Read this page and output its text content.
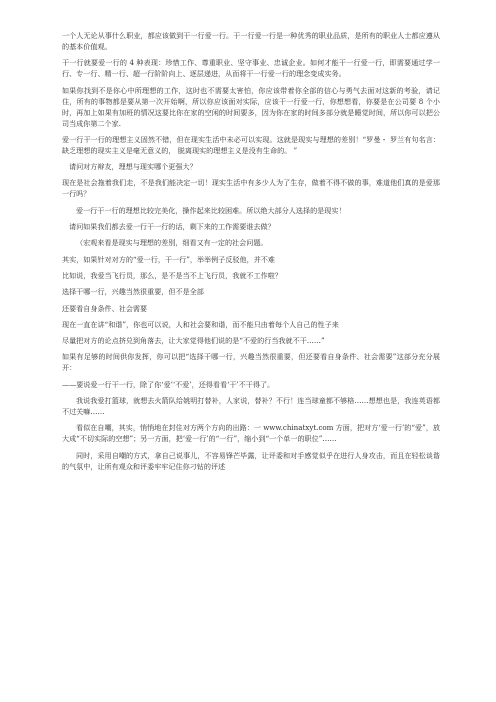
一个人无论从事什么职业，都应该做到干一行爱一行。干一行爱一行是一种优秀的职业品质，是所有的职业人士都应遵从的基本价值观。

干一行就要爱一行的 4 种表现：珍惜工作、尊重职业、坚守事业、忠诚企业。如何才能干一行爱一行，即需要通过学一行、专一行、精一行、超一行阶阶向上、逐层递进，从而将干一行爱一行的理念变成实务。

如果你找到不是你心中所理想的工作，这时也不需要太害怕，你应该带着你全部的信心与勇气去面对这新的考验，请记住，所有的事物都是要从第一次开始啊，所以你应该面对实际，应该干一行爱一行，你想想看，你要是在公司要 8 个小时，再加上如果有加班的情况这要比你在家的空闲的时间要多，因为你在家的时间多部分就是睡觉时间，所以你可以把公司当成你第二个家.

爱一行干一行的理想主义固然不错，但在现实生活中未必可以实现。这就是现实与理想的差别！“罗曼・ 罗兰有句名言：缺乏理想的现实主义是毫无意义的， 脱离现实的理想主义是没有生命的。 ”

请问对方辩友，理想与现实哪个更强大？

现在是社会拖着我们走，不是我们能决定一切！现实生活中有多少人为了生存，做着不得不做的事，难道他们真的是爱那一行吗？

爱一行干一行的理想比较完美化，操作起来比较困难。所以绝大部分人选择的是现实！

请问如果我们都去爱一行干一行的话，剩下来的工作需要谁去做？

（宏观来看是现实与理想的差别，细看又有一定的社会问题。

其实，如果针对对方的“爱一行，干一行”，举举例子反驳他，并不难

比如说，我爱当飞行员，那么，是不是当不上飞行员，我就不工作啦？

选择干哪一行，兴趣当然很重要，但不是全部

还要看自身条件、社会需要

现在一直在讲“和谐”，你也可以说，人和社会要和谐，而不能只由着每个人自己的性子来

尽量把对方的论点挤兑到角落去，让大家觉得他们说的是“不爱的行当我就不干……”

如果有足够的时间供你发挥，你可以把“选择干哪一行，兴趣当然很重要，但还要看自身条件、社会需要”这部分充分展开：

——要说爱一行干一行，除了你‘爱’‘不爱’，还得看看‘干’不干得了。

我说我爱打篮球，就想去火箭队给姚明打替补，人家说，替补？不行！连当球童都不够格……想想也是，我连英语都不过关嘛……

看似在自嘲，其实，悄悄地在封住对方两个方向的出路：一 www.chinatxyt.com 方面，把对方‘爱一行’的“爱”，放大成“不切实际的空想”；另一方面，把‘爱一行’的“一行”，缩小到“一个单一的职位”……

同时，采用自嘲的方式，拿自己说事儿，不容易锋芒毕露，让评委和对手感觉似乎在进行人身攻击，而且在轻松谈谐的气氛中，让所有观众和评委牢牢记住你刁钻的评述
